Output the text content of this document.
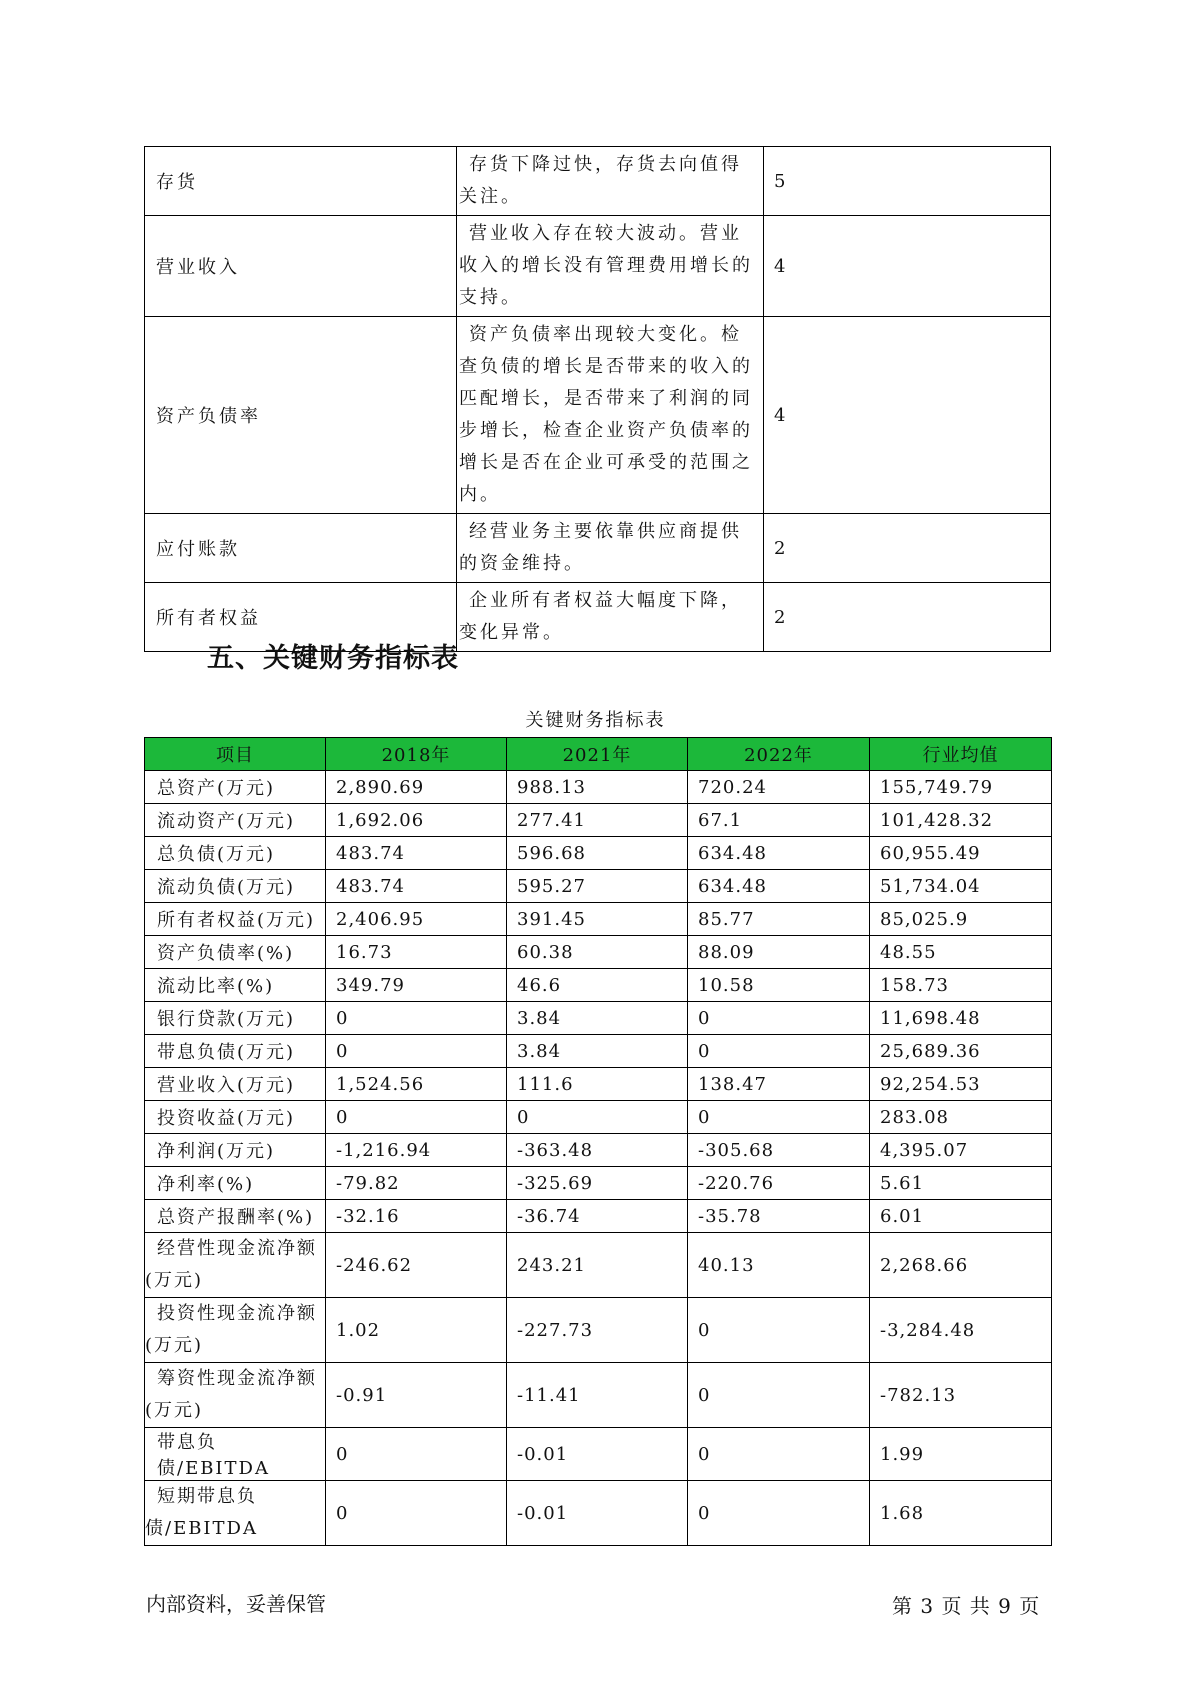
存货	存货下降过快，存货去向值得关注。	5
营业收入	营业收入存在较大波动。营业收入的增长没有管理费用增长的支持。	4
资产负债率	资产负债率出现较大变化。检查负债的增长是否带来的收入的匹配增长，是否带来了利润的同步增长，检查企业资产负债率的增长是否在企业可承受的范围之内。	4
应付账款	经营业务主要依靠供应商提供的资金维持。	2
所有者权益	企业所有者权益大幅度下降，变化异常。	2
五、关键财务指标表
关键财务指标表
项目	2018年	2021年	2022年	行业均值
总资产(万元)	2,890.69	988.13	720.24	155,749.79
流动资产(万元)	1,692.06	277.41	67.1	101,428.32
总负债(万元)	483.74	596.68	634.48	60,955.49
流动负债(万元)	483.74	595.27	634.48	51,734.04
所有者权益(万元)	2,406.95	391.45	85.77	85,025.9
资产负债率(%)	16.73	60.38	88.09	48.55
流动比率(%)	349.79	46.6	10.58	158.73
银行贷款(万元)	0	3.84	0	11,698.48
带息负债(万元)	0	3.84	0	25,689.36
营业收入(万元)	1,524.56	111.6	138.47	92,254.53
投资收益(万元)	0	0	0	283.08
净利润(万元)	-1,216.94	-363.48	-305.68	4,395.07
净利率(%)	-79.82	-325.69	-220.76	5.61
总资产报酬率(%)	-32.16	-36.74	-35.78	6.01
经营性现金流净额(万元)	-246.62	243.21	40.13	2,268.66
投资性现金流净额(万元)	1.02	-227.73	0	-3,284.48
筹资性现金流净额(万元)	-0.91	-11.41	0	-782.13
带息负债/EBITDA	0	-0.01	0	1.99
短期带息负债/EBITDA	0	-0.01	0	1.68
内部资料，妥善保管	第 3 页 共 9 页
